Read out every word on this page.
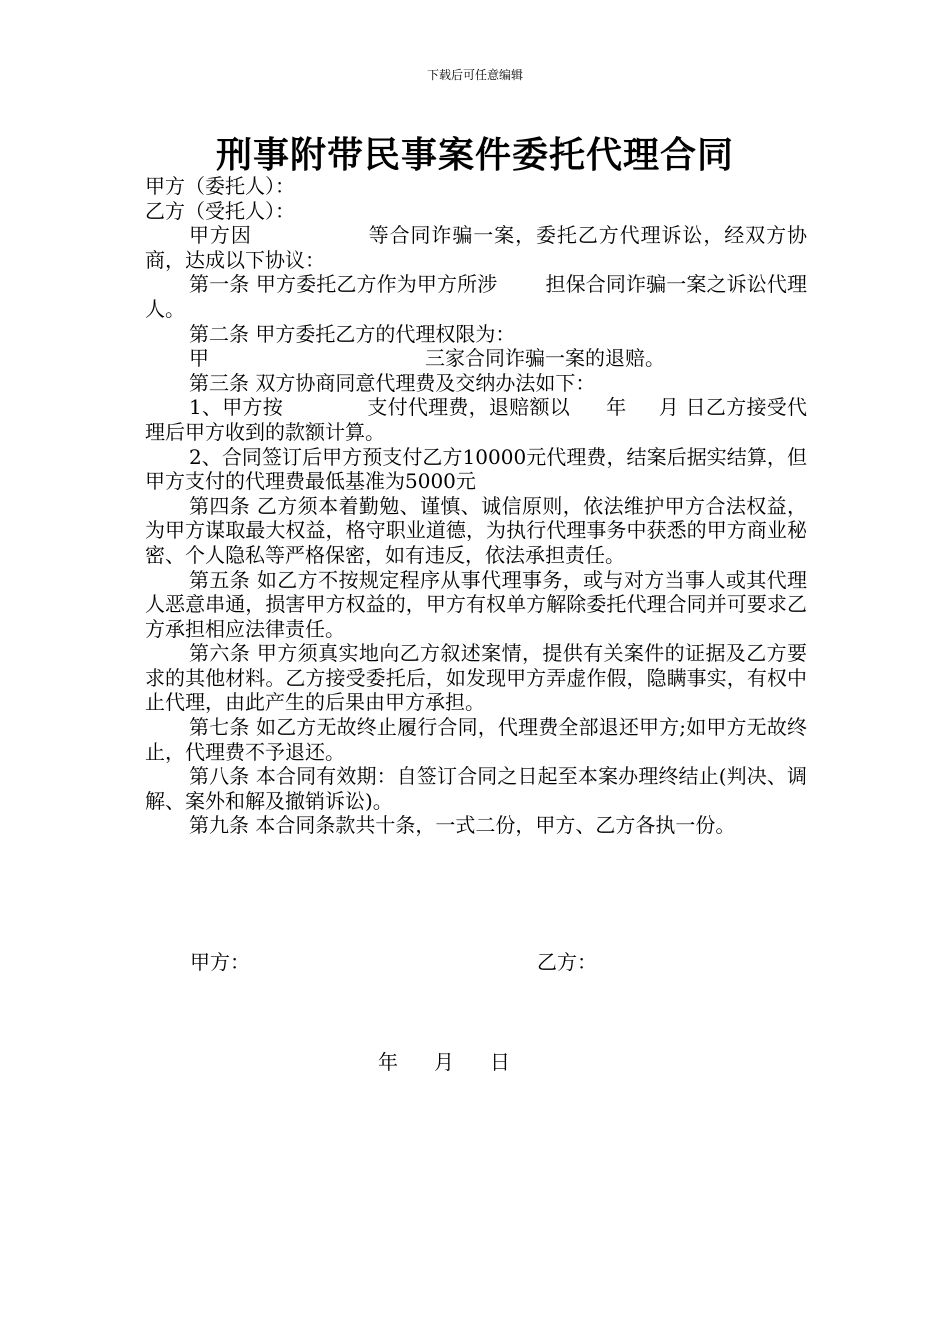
下载后可任意编辑
刑事附带民事案件委托代理合同

甲方（委托人）：

乙方（受托人）：

甲方因	等合同诈骗一案，委托乙方代理诉讼，经双方协商，达成以下协议：

第一条 甲方委托乙方作为甲方所涉 担保合同诈骗一案之诉讼代理人。

第二条 甲方委托乙方的代理权限为：

甲	三家合同诈骗一案的退赔。

第三条 双方协商同意代理费及交纳办法如下：

1、甲方按	支付代理费，退赔额以 年 月 日乙方接受代理后甲方收到的款额计算。

2、合同签订后甲方预支付乙方10000元代理费，结案后据实结算，但甲方支付的代理费最低基准为5000元

第四条 乙方须本着勤勉、谨慎、诚信原则，依法维护甲方合法权益，为甲方谋取最大权益，格守职业道德，为执行代理事务中获悉的甲方商业秘密、个人隐私等严格保密，如有违反，依法承担责任。

第五条 如乙方不按规定程序从事代理事务，或与对方当事人或其代理人恶意串通，损害甲方权益的，甲方有权单方解除委托代理合同并可要求乙方承担相应法律责任。

第六条 甲方须真实地向乙方叙述案情，提供有关案件的证据及乙方要求的其他材料。乙方接受委托后，如发现甲方弄虚作假，隐瞒事实，有权中止代理，由此产生的后果由甲方承担。

第七条 如乙方无故终止履行合同，代理费全部退还甲方;如甲方无故终止，代理费不予退还。

第八条 本合同有效期：自签订合同之日起至本案办理终结止(判决、调解、案外和解及撤销诉讼)。

第九条 本合同条款共十条，一式二份，甲方、乙方各执一份。

甲方：	乙方：
年 月 日
